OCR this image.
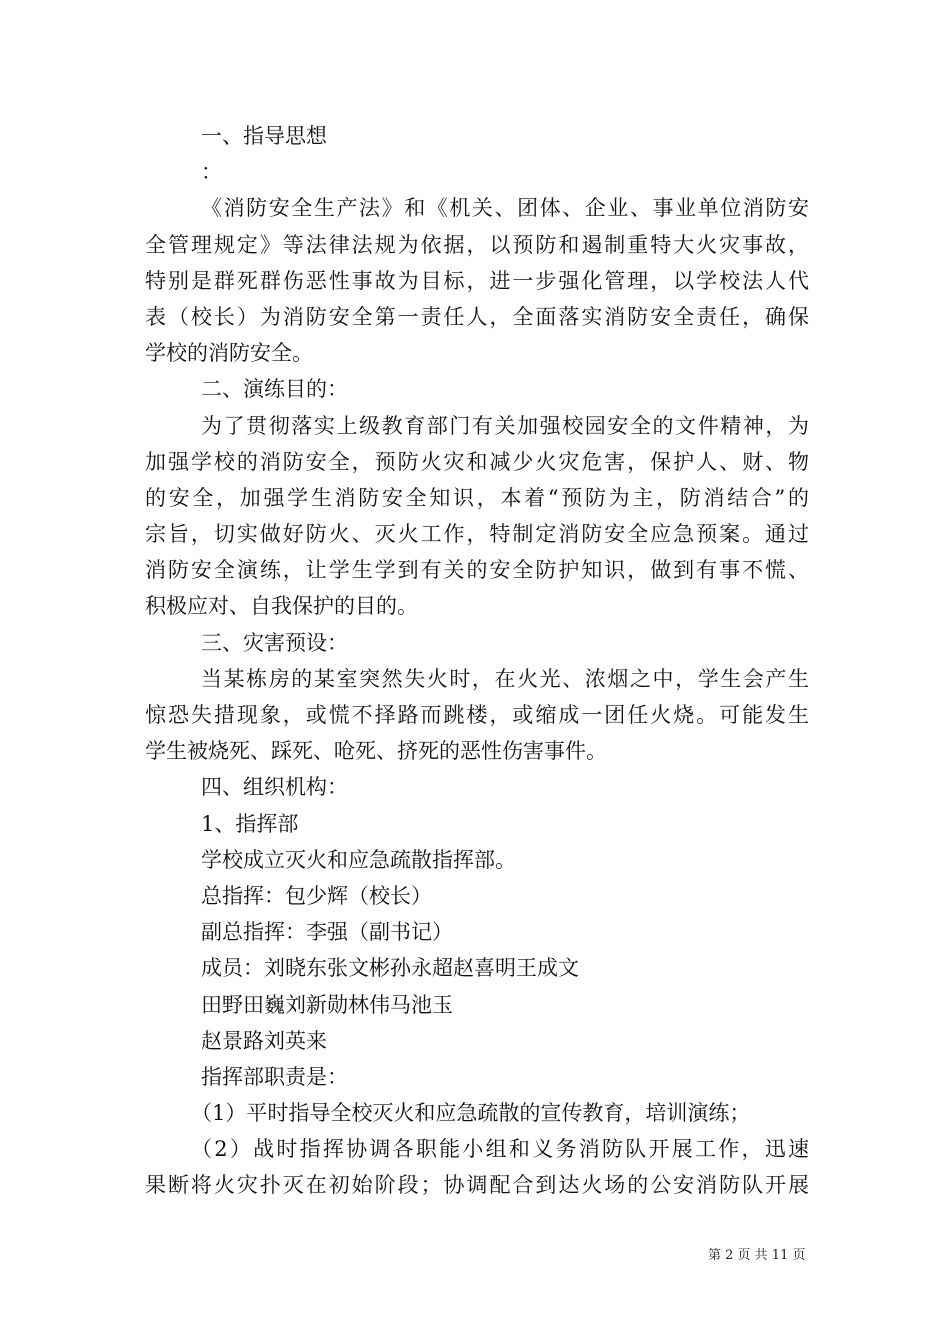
一、指导思想
：
《消防安全生产法》和《机关、团体、企业、事业单位消防安
全管理规定》等法律法规为依据，以预防和遏制重特大火灾事故，
特别是群死群伤恶性事故为目标，进一步强化管理，以学校法人代
表（校长）为消防安全第一责任人，全面落实消防安全责任，确保
学校的消防安全。
二、演练目的：
为了贯彻落实上级教育部门有关加强校园安全的文件精神，为
加强学校的消防安全，预防火灾和减少火灾危害，保护人、财、物
的安全，加强学生消防安全知识，本着“预防为主，防消结合”的
宗旨，切实做好防火、灭火工作，特制定消防安全应急预案。通过
消防安全演练，让学生学到有关的安全防护知识，做到有事不慌、
积极应对、自我保护的目的。
三、灾害预设：
当某栋房的某室突然失火时，在火光、浓烟之中，学生会产生
惊恐失措现象，或慌不择路而跳楼，或缩成一团任火烧。可能发生
学生被烧死、踩死、呛死、挤死的恶性伤害事件。
四、组织机构：
1、指挥部
学校成立灭火和应急疏散指挥部。
总指挥：包少辉（校长）
副总指挥：李强（副书记）
成员：刘晓东张文彬孙永超赵喜明王成文
田野田巍刘新勋林伟马池玉
赵景路刘英来
指挥部职责是：
（1）平时指导全校灭火和应急疏散的宣传教育，培训演练；
（2）战时指挥协调各职能小组和义务消防队开展工作，迅速
果断将火灾扑灭在初始阶段；协调配合到达火场的公安消防队开展
第 2 页 共 11 页
